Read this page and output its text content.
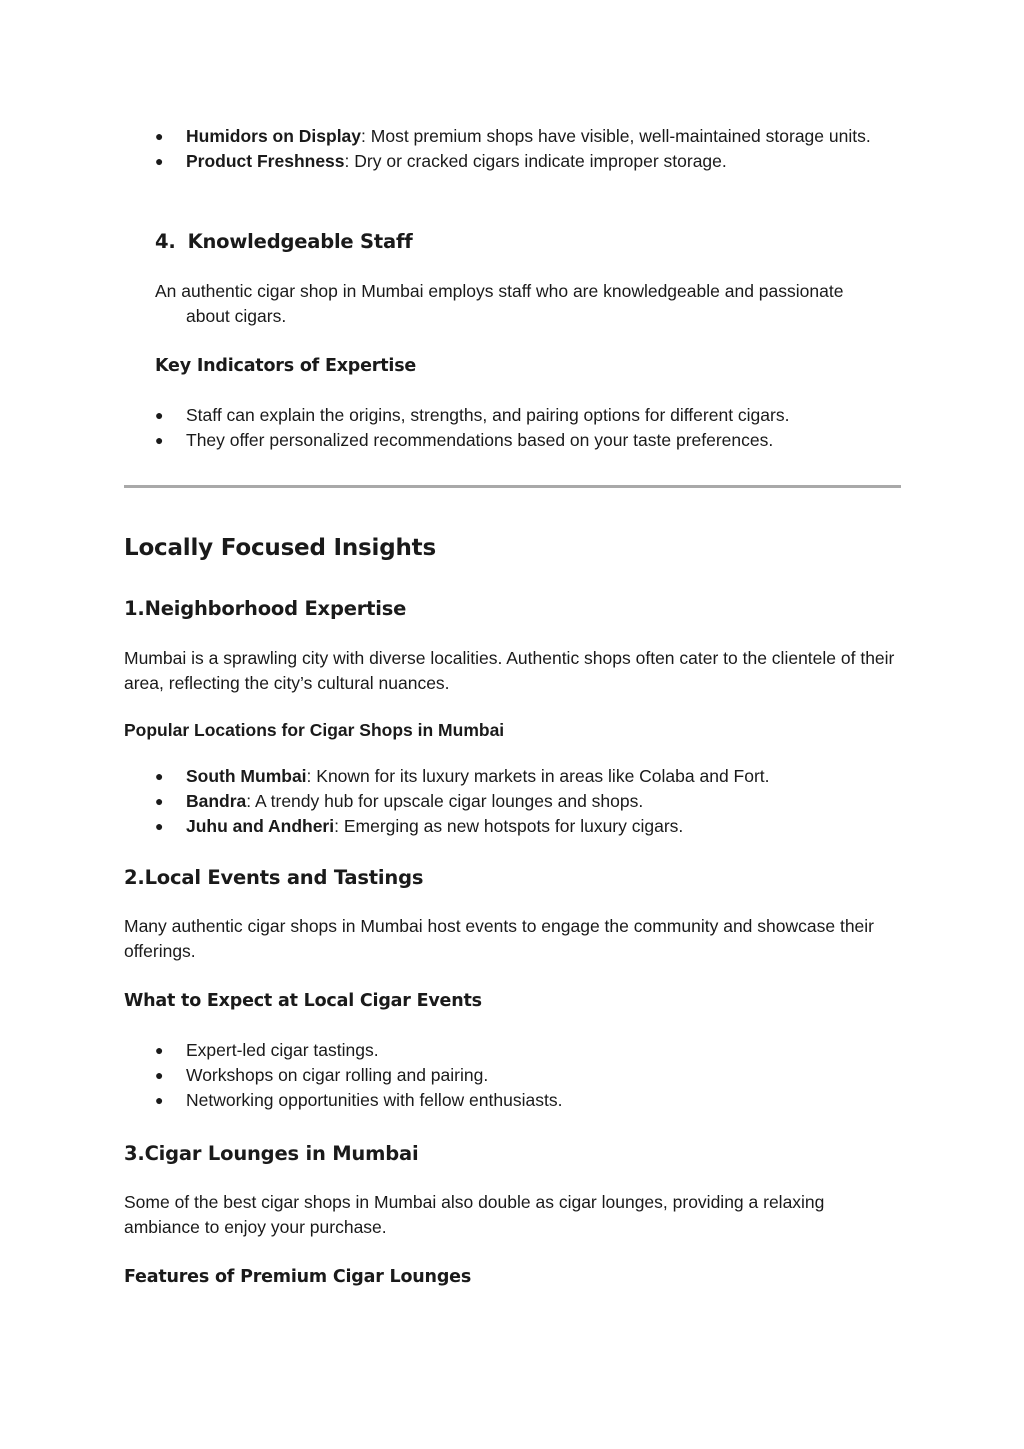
● Humidors on Display: Most premium shops have visible, well-maintained storage units.
● Product Freshness: Dry or cracked cigars indicate improper storage.
4. Knowledgeable Staff

An authentic cigar shop in Mumbai employs staff who are knowledgeable and passionate about cigars.

Key Indicators of Expertise
● Staff can explain the origins, strengths, and pairing options for different cigars.
● They offer personalized recommendations based on your taste preferences.
Locally Focused Insights
1.Neighborhood Expertise

Mumbai is a sprawling city with diverse localities. Authentic shops often cater to the clientele of their area, reflecting the city’s cultural nuances.

Popular Locations for Cigar Shops in Mumbai
● South Mumbai: Known for its luxury markets in areas like Colaba and Fort.
● Bandra: A trendy hub for upscale cigar lounges and shops.
● Juhu and Andheri: Emerging as new hotspots for luxury cigars.
2.Local Events and Tastings

Many authentic cigar shops in Mumbai host events to engage the community and showcase their offerings.

What to Expect at Local Cigar Events
● Expert-led cigar tastings.
● Workshops on cigar rolling and pairing.
● Networking opportunities with fellow enthusiasts.
3.Cigar Lounges in Mumbai

Some of the best cigar shops in Mumbai also double as cigar lounges, providing a relaxing ambiance to enjoy your purchase.

Features of Premium Cigar Lounges
